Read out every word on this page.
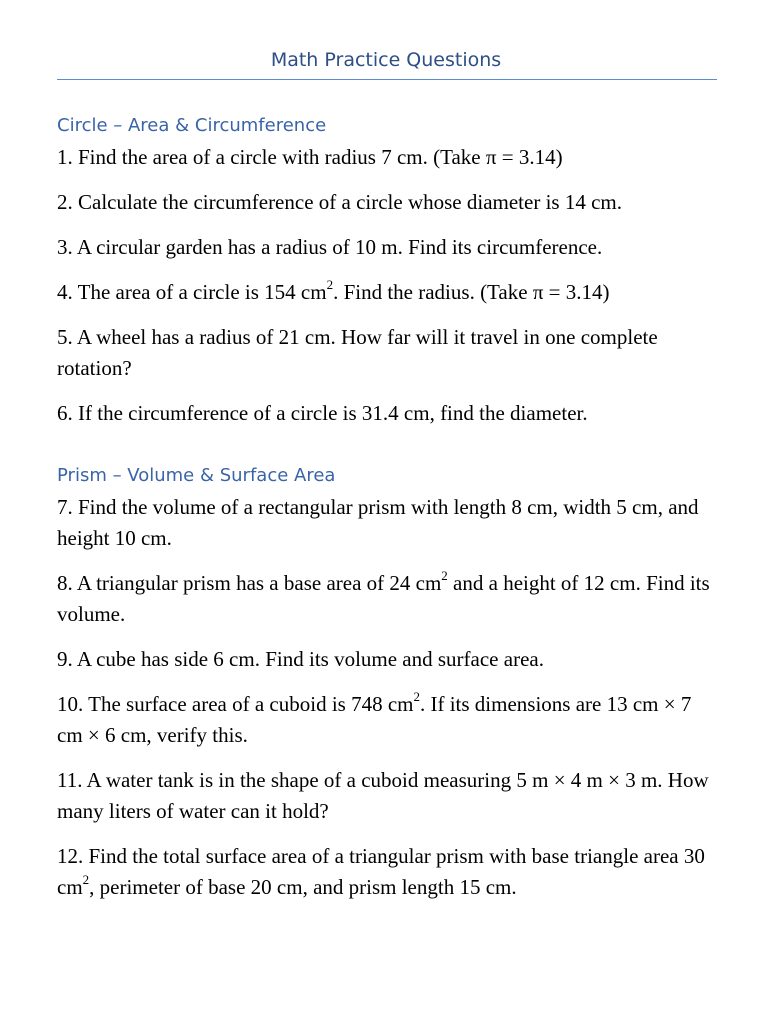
Math Practice Questions
Circle – Area & Circumference
1. Find the area of a circle with radius 7 cm. (Take π = 3.14)
2. Calculate the circumference of a circle whose diameter is 14 cm.
3. A circular garden has a radius of 10 m. Find its circumference.
4. The area of a circle is 154 $cm^2$. Find the radius. (Take π = 3.14)
5. A wheel has a radius of 21 cm. How far will it travel in one complete rotation?
6. If the circumference of a circle is 31.4 cm, find the diameter.
Prism – Volume & Surface Area
7. Find the volume of a rectangular prism with length 8 cm, width 5 cm, and height 10 cm.
8. A triangular prism has a base area of 24 $cm^2$ and a height of 12 cm. Find its volume.
9. A cube has side 6 cm. Find its volume and surface area.
10. The surface area of a cuboid is 748 $cm^2$. If its dimensions are 13 cm × 7 cm × 6 cm, verify this.
11. A water tank is in the shape of a cuboid measuring 5 m × 4 m × 3 m. How many liters of water can it hold?
12. Find the total surface area of a triangular prism with base triangle area 30 $cm^2$, perimeter of base 20 cm, and prism length 15 cm.
